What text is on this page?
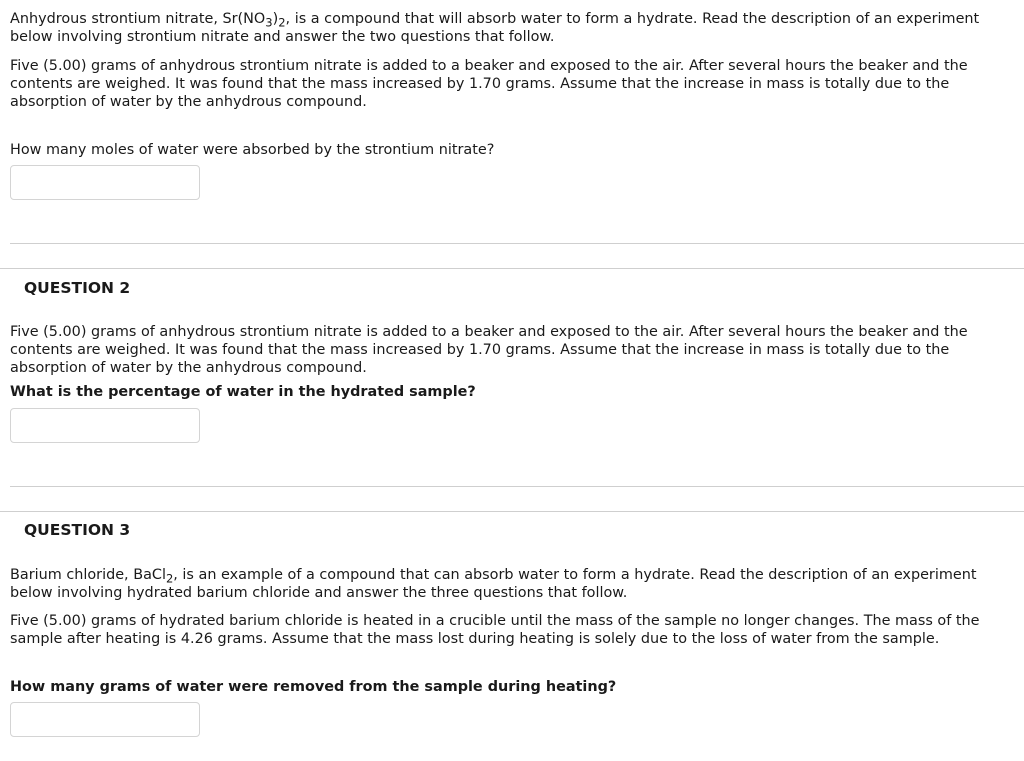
Anhydrous strontium nitrate, $Sr(NO_3)_2$, is a compound that will absorb water to form a hydrate. Read the description of an experiment below involving strontium nitrate and answer the two questions that follow.

Five (5.00) grams of anhydrous strontium nitrate is added to a beaker and exposed to the air. After several hours the beaker and the contents are weighed. It was found that the mass increased by 1.70 grams. Assume that the increase in mass is totally due to the absorption of water by the anhydrous compound.

How many moles of water were absorbed by the strontium nitrate?

QUESTION 2

Five (5.00) grams of anhydrous strontium nitrate is added to a beaker and exposed to the air. After several hours the beaker and the contents are weighed. It was found that the mass increased by 1.70 grams. Assume that the increase in mass is totally due to the absorption of water by the anhydrous compound.

What is the percentage of water in the hydrated sample?

QUESTION 3

Barium chloride, BaCl$_2$, is an example of a compound that can absorb water to form a hydrate. Read the description of an experiment below involving hydrated barium chloride and answer the three questions that follow.

Five (5.00) grams of hydrated barium chloride is heated in a crucible until the mass of the sample no longer changes. The mass of the sample after heating is 4.26 grams. Assume that the mass lost during heating is solely due to the loss of water from the sample.

How many grams of water were removed from the sample during heating?
